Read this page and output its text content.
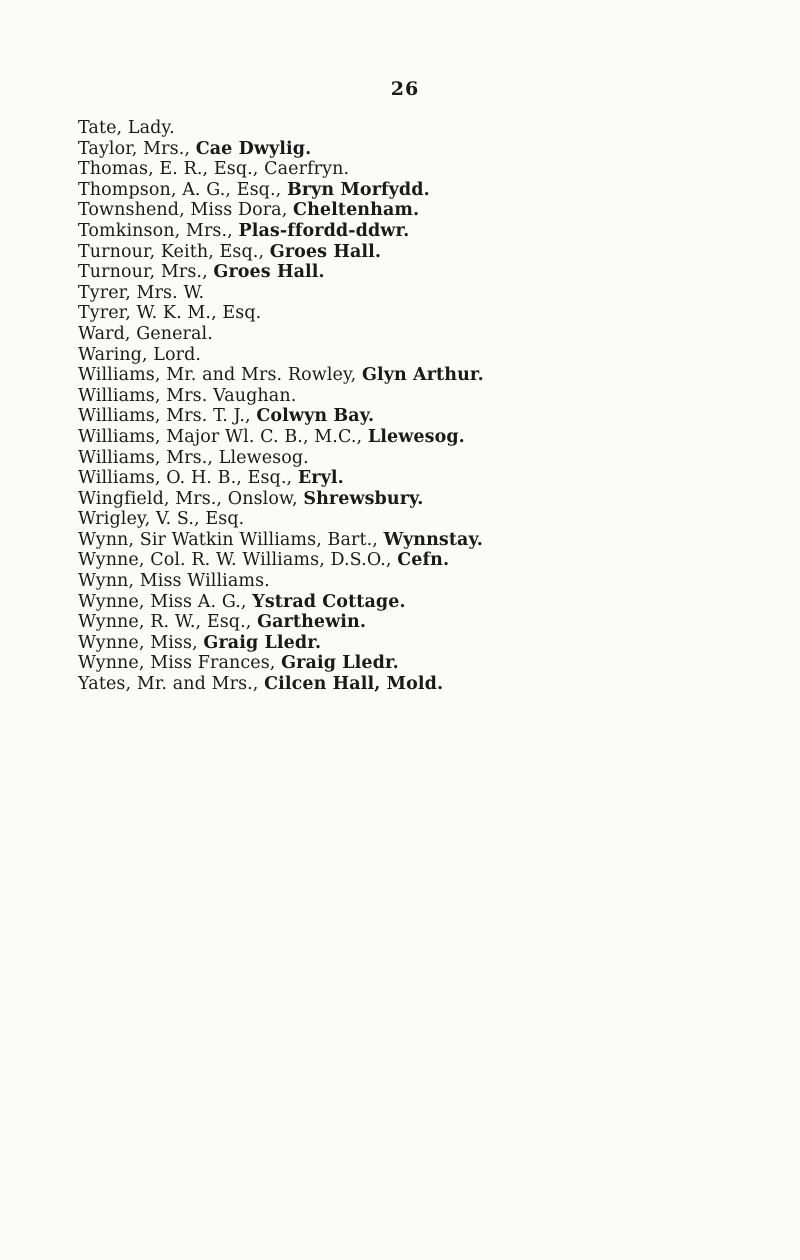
26
Tate, Lady.
Taylor, Mrs., Cae Dwylig.
Thomas, E. R., Esq., Caerfryn.
Thompson, A. G., Esq., Bryn Morfydd.
Townshend, Miss Dora, Cheltenham.
Tomkinson, Mrs., Plas-ffordd-ddwr.
Turnour, Keith, Esq., Groes Hall.
Turnour, Mrs., Groes Hall.
Tyrer, Mrs. W.
Tyrer, W. K. M., Esq.
Ward, General.
Waring, Lord.
Williams, Mr. and Mrs. Rowley, Glyn Arthur.
Williams, Mrs. Vaughan.
Williams, Mrs. T. J., Colwyn Bay.
Williams, Major Wl. C. B., M.C., Llewesog.
Williams, Mrs., Llewesog.
Williams, O. H. B., Esq., Eryl.
Wingfield, Mrs., Onslow, Shrewsbury.
Wrigley, V. S., Esq.
Wynn, Sir Watkin Williams, Bart., Wynnstay.
Wynne, Col. R. W. Williams, D.S.O., Cefn.
Wynn, Miss Williams.
Wynne, Miss A. G., Ystrad Cottage.
Wynne, R. W., Esq., Garthewin.
Wynne, Miss, Graig Lledr.
Wynne, Miss Frances, Graig Lledr.
Yates, Mr. and Mrs., Cilcen Hall, Mold.
